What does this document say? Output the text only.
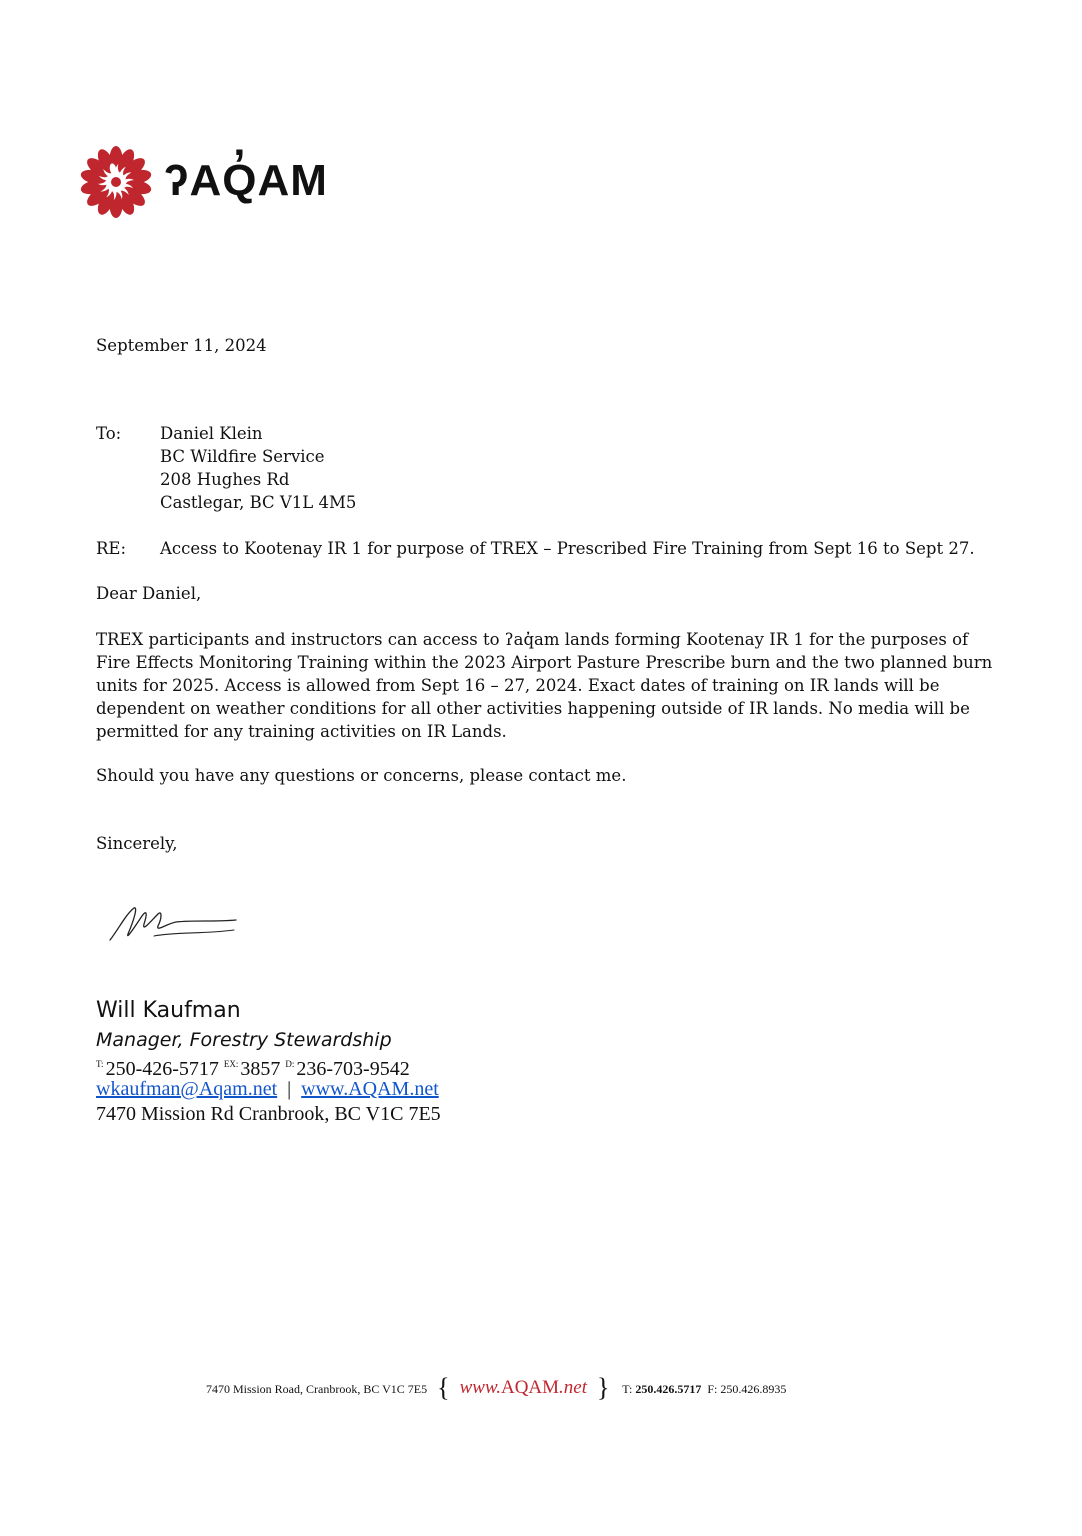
ʔAQ̓AM
September 11, 2024
To: Daniel Klein
BC Wildfire Service
208 Hughes Rd
Castlegar, BC V1L 4M5
RE: Access to Kootenay IR 1 for purpose of TREX – Prescribed Fire Training from Sept 16 to Sept 27.
Dear Daniel,
TREX participants and instructors can access to ʔaq̓am lands forming Kootenay IR 1 for the purposes of Fire Effects Monitoring Training within the 2023 Airport Pasture Prescribe burn and the two planned burn units for 2025. Access is allowed from Sept 16 – 27, 2024. Exact dates of training on IR lands will be dependent on weather conditions for all other activities happening outside of IR lands. No media will be permitted for any training activities on IR Lands.
Should you have any questions or concerns, please contact me.
Sincerely,
Will Kaufman
Manager, Forestry Stewardship
$^{T:}$ 250-426-5717 $^{EX:}$ 3857 $^{D:}$ 236-703-9542
wkaufman@Aqam.net | www.AQAM.net
7470 Mission Rd Cranbrook, BC V1C 7E5
7470 Mission Road, Cranbrook, BC V1C 7E5 { www.AQAM.net } T: 250.426.5717 F: 250.426.8935
